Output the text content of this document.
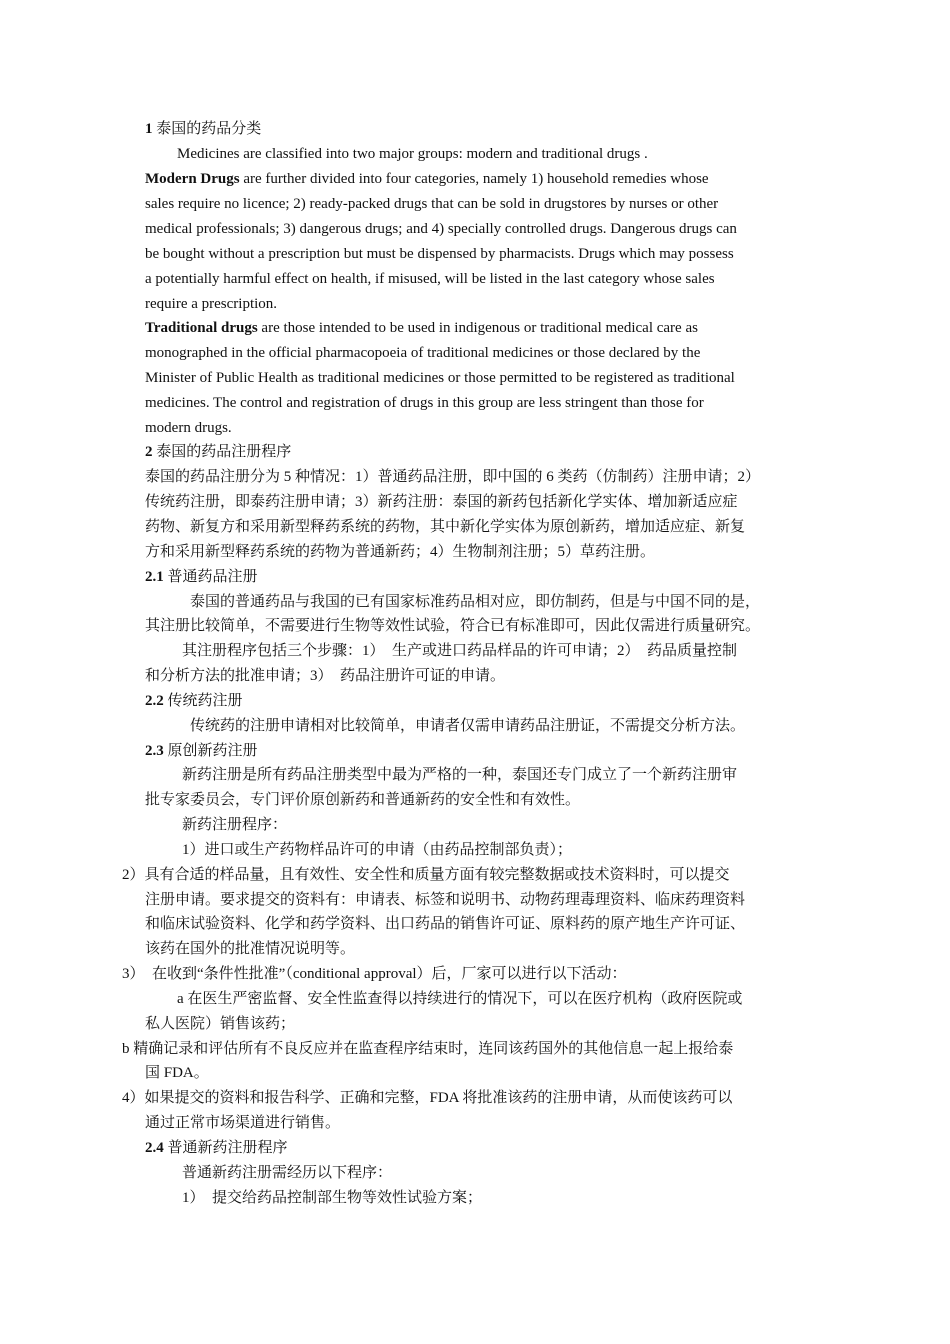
1 泰国的药品分类
Medicines are classified into two major groups: modern and traditional drugs .
Modern Drugs are further divided into four categories, namely 1) household remedies whose
sales require no licence; 2) ready-packed drugs that can be sold in drugstores by nurses or other
medical professionals; 3) dangerous drugs; and 4) specially controlled drugs. Dangerous drugs can
be bought without a prescription but must be dispensed by pharmacists. Drugs which may possess
a potentially harmful effect on health, if misused, will be listed in the last category whose sales
require a prescription.
Traditional drugs are those intended to be used in indigenous or traditional medical care as
monographed in the official pharmacopoeia of traditional medicines or those declared by the
Minister of Public Health as traditional medicines or those permitted to be registered as traditional
medicines. The control and registration of drugs in this group are less stringent than those for
modern drugs.
2 泰国的药品注册程序
泰国的药品注册分为 5 种情况：1）普通药品注册，即中国的 6 类药（仿制药）注册申请；2）
传统药注册，即泰药注册申请；3）新药注册：泰国的新药包括新化学实体、增加新适应症
药物、新复方和采用新型释药系统的药物，其中新化学实体为原创新药，增加适应症、新复
方和采用新型释药系统的药物为普通新药；4）生物制剂注册；5）草药注册。
2.1 普通药品注册
泰国的普通药品与我国的已有国家标准药品相对应，即仿制药，但是与中国不同的是，
其注册比较简单，不需要进行生物等效性试验，符合已有标准即可，因此仅需进行质量研究。
其注册程序包括三个步骤：1）　生产或进口药品样品的许可申请；2）　药品质量控制
和分析方法的批准申请；3）　药品注册许可证的申请。
2.2 传统药注册
传统药的注册申请相对比较简单，申请者仅需申请药品注册证，不需提交分析方法。
2.3 原创新药注册
新药注册是所有药品注册类型中最为严格的一种，泰国还专门成立了一个新药注册审
批专家委员会，专门评价原创新药和普通新药的安全性和有效性。
新药注册程序：
1）进口或生产药物样品许可的申请（由药品控制部负责）；
2）具有合适的样品量，且有效性、安全性和质量方面有较完整数据或技术资料时，可以提交
注册申请。要求提交的资料有：申请表、标签和说明书、动物药理毒理资料、临床药理资料
和临床试验资料、化学和药学资料、出口药品的销售许可证、原料药的原产地生产许可证、
该药在国外的批准情况说明等。
3）　在收到“条件性批准”（conditional approval）后，厂家可以进行以下活动：
a 在医生严密监督、安全性监查得以持续进行的情况下，可以在医疗机构（政府医院或
私人医院）销售该药；
b 精确记录和评估所有不良反应并在监查程序结束时，连同该药国外的其他信息一起上报给泰
国 FDA。
4）如果提交的资料和报告科学、正确和完整，FDA 将批准该药的注册申请，从而使该药可以
通过正常市场渠道进行销售。
2.4 普通新药注册程序
普通新药注册需经历以下程序：
1）　提交给药品控制部生物等效性试验方案；
